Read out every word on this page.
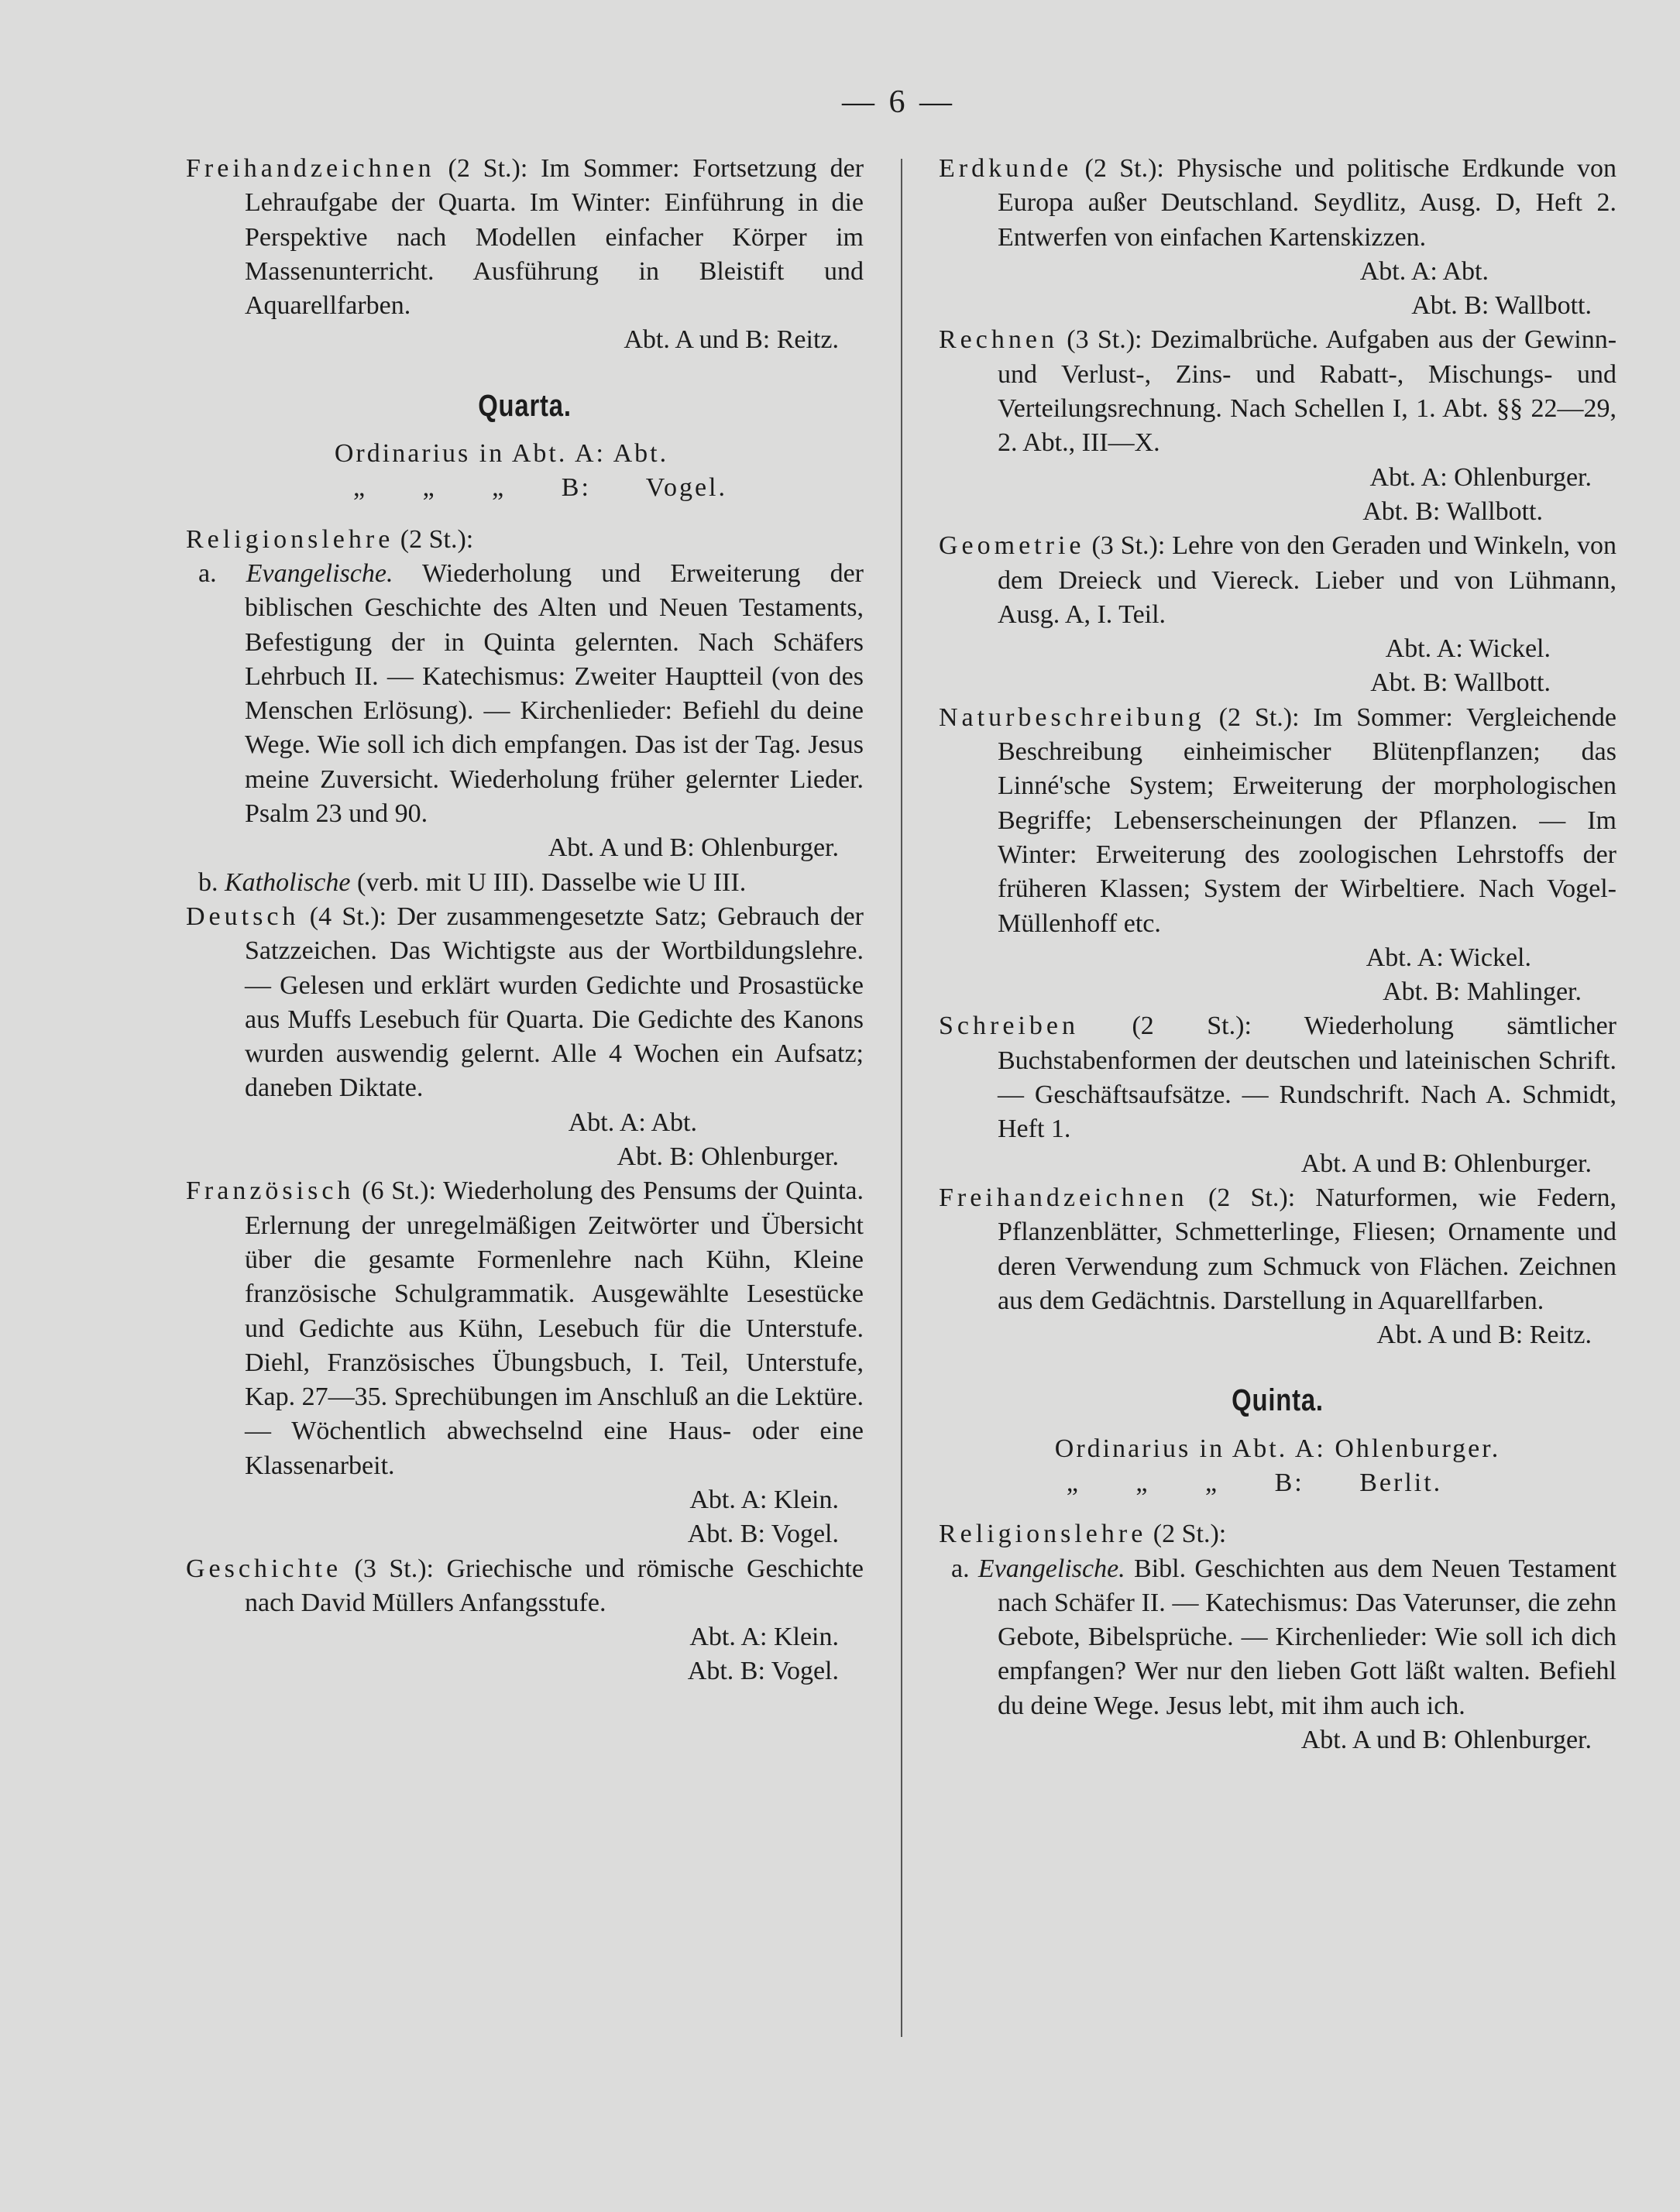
— 6 —

Freihandzeichnen (2 St.): Im Sommer: Fortsetzung der Lehraufgabe der Quarta. Im Winter: Einführung in die Perspektive nach Modellen einfacher Körper im Massenunterricht. Ausführung in Bleistift und Aquarellfarben.

Abt. A und B: Reitz.

Quarta.

Ordinarius in Abt. A: Abt.

„ „ „ B: Vogel.

Religionslehre (2 St.):

a. Evangelische. Wiederholung und Erweiterung der biblischen Geschichte des Alten und Neuen Testaments, Befestigung der in Quinta gelernten. Nach Schäfers Lehrbuch II. — Katechismus: Zweiter Hauptteil (von des Menschen Erlösung). — Kirchenlieder: Befiehl du deine Wege. Wie soll ich dich empfangen. Das ist der Tag. Jesus meine Zuversicht. Wiederholung früher gelernter Lieder. Psalm 23 und 90.

Abt. A und B: Ohlenburger.

b. Katholische (verb. mit U III). Dasselbe wie U III.

Deutsch (4 St.): Der zusammengesetzte Satz; Gebrauch der Satzzeichen. Das Wichtigste aus der Wortbildungslehre. — Gelesen und erklärt wurden Gedichte und Prosastücke aus Muffs Lesebuch für Quarta. Die Gedichte des Kanons wurden auswendig gelernt. Alle 4 Wochen ein Aufsatz; daneben Diktate.

Abt. A: Abt.

Abt. B: Ohlenburger.

Französisch (6 St.): Wiederholung des Pensums der Quinta. Erlernung der unregelmäßigen Zeitwörter und Übersicht über die gesamte Formenlehre nach Kühn, Kleine französische Schulgrammatik. Ausgewählte Lesestücke und Gedichte aus Kühn, Lesebuch für die Unterstufe. Diehl, Französisches Übungsbuch, I. Teil, Unterstufe, Kap. 27—35. Sprechübungen im Anschluß an die Lektüre. — Wöchentlich abwechselnd eine Haus- oder eine Klassenarbeit.

Abt. A: Klein.

Abt. B: Vogel.

Geschichte (3 St.): Griechische und römische Geschichte nach David Müllers Anfangsstufe.

Abt. A: Klein.

Abt. B: Vogel.

Erdkunde (2 St.): Physische und politische Erdkunde von Europa außer Deutschland. Seydlitz, Ausg. D, Heft 2. Entwerfen von einfachen Kartenskizzen.

Abt. A: Abt.

Abt. B: Wallbott.

Rechnen (3 St.): Dezimalbrüche. Aufgaben aus der Gewinn- und Verlust-, Zins- und Rabatt-, Mischungs- und Verteilungsrechnung. Nach Schellen I, 1. Abt. §§ 22—29, 2. Abt., III—X.

Abt. A: Ohlenburger.

Abt. B: Wallbott.

Geometrie (3 St.): Lehre von den Geraden und Winkeln, von dem Dreieck und Viereck. Lieber und von Lühmann, Ausg. A, I. Teil.

Abt. A: Wickel.

Abt. B: Wallbott.

Naturbeschreibung (2 St.): Im Sommer: Vergleichende Beschreibung einheimischer Blütenpflanzen; das Linné'sche System; Erweiterung der morphologischen Begriffe; Lebenserscheinungen der Pflanzen. — Im Winter: Erweiterung des zoologischen Lehrstoffs der früheren Klassen; System der Wirbeltiere. Nach Vogel-Müllenhoff etc.

Abt. A: Wickel.

Abt. B: Mahlinger.

Schreiben (2 St.): Wiederholung sämtlicher Buchstabenformen der deutschen und lateinischen Schrift. — Geschäftsaufsätze. — Rundschrift. Nach A. Schmidt, Heft 1.

Abt. A und B: Ohlenburger.

Freihandzeichnen (2 St.): Naturformen, wie Federn, Pflanzenblätter, Schmetterlinge, Fliesen; Ornamente und deren Verwendung zum Schmuck von Flächen. Zeichnen aus dem Gedächtnis. Darstellung in Aquarellfarben.

Abt. A und B: Reitz.

Quinta.

Ordinarius in Abt. A: Ohlenburger.

„ „ „ B: Berlit.

Religionslehre (2 St.):

a. Evangelische. Bibl. Geschichten aus dem Neuen Testament nach Schäfer II. — Katechismus: Das Vaterunser, die zehn Gebote, Bibelsprüche. — Kirchenlieder: Wie soll ich dich empfangen? Wer nur den lieben Gott läßt walten. Befiehl du deine Wege. Jesus lebt, mit ihm auch ich.

Abt. A und B: Ohlenburger.
